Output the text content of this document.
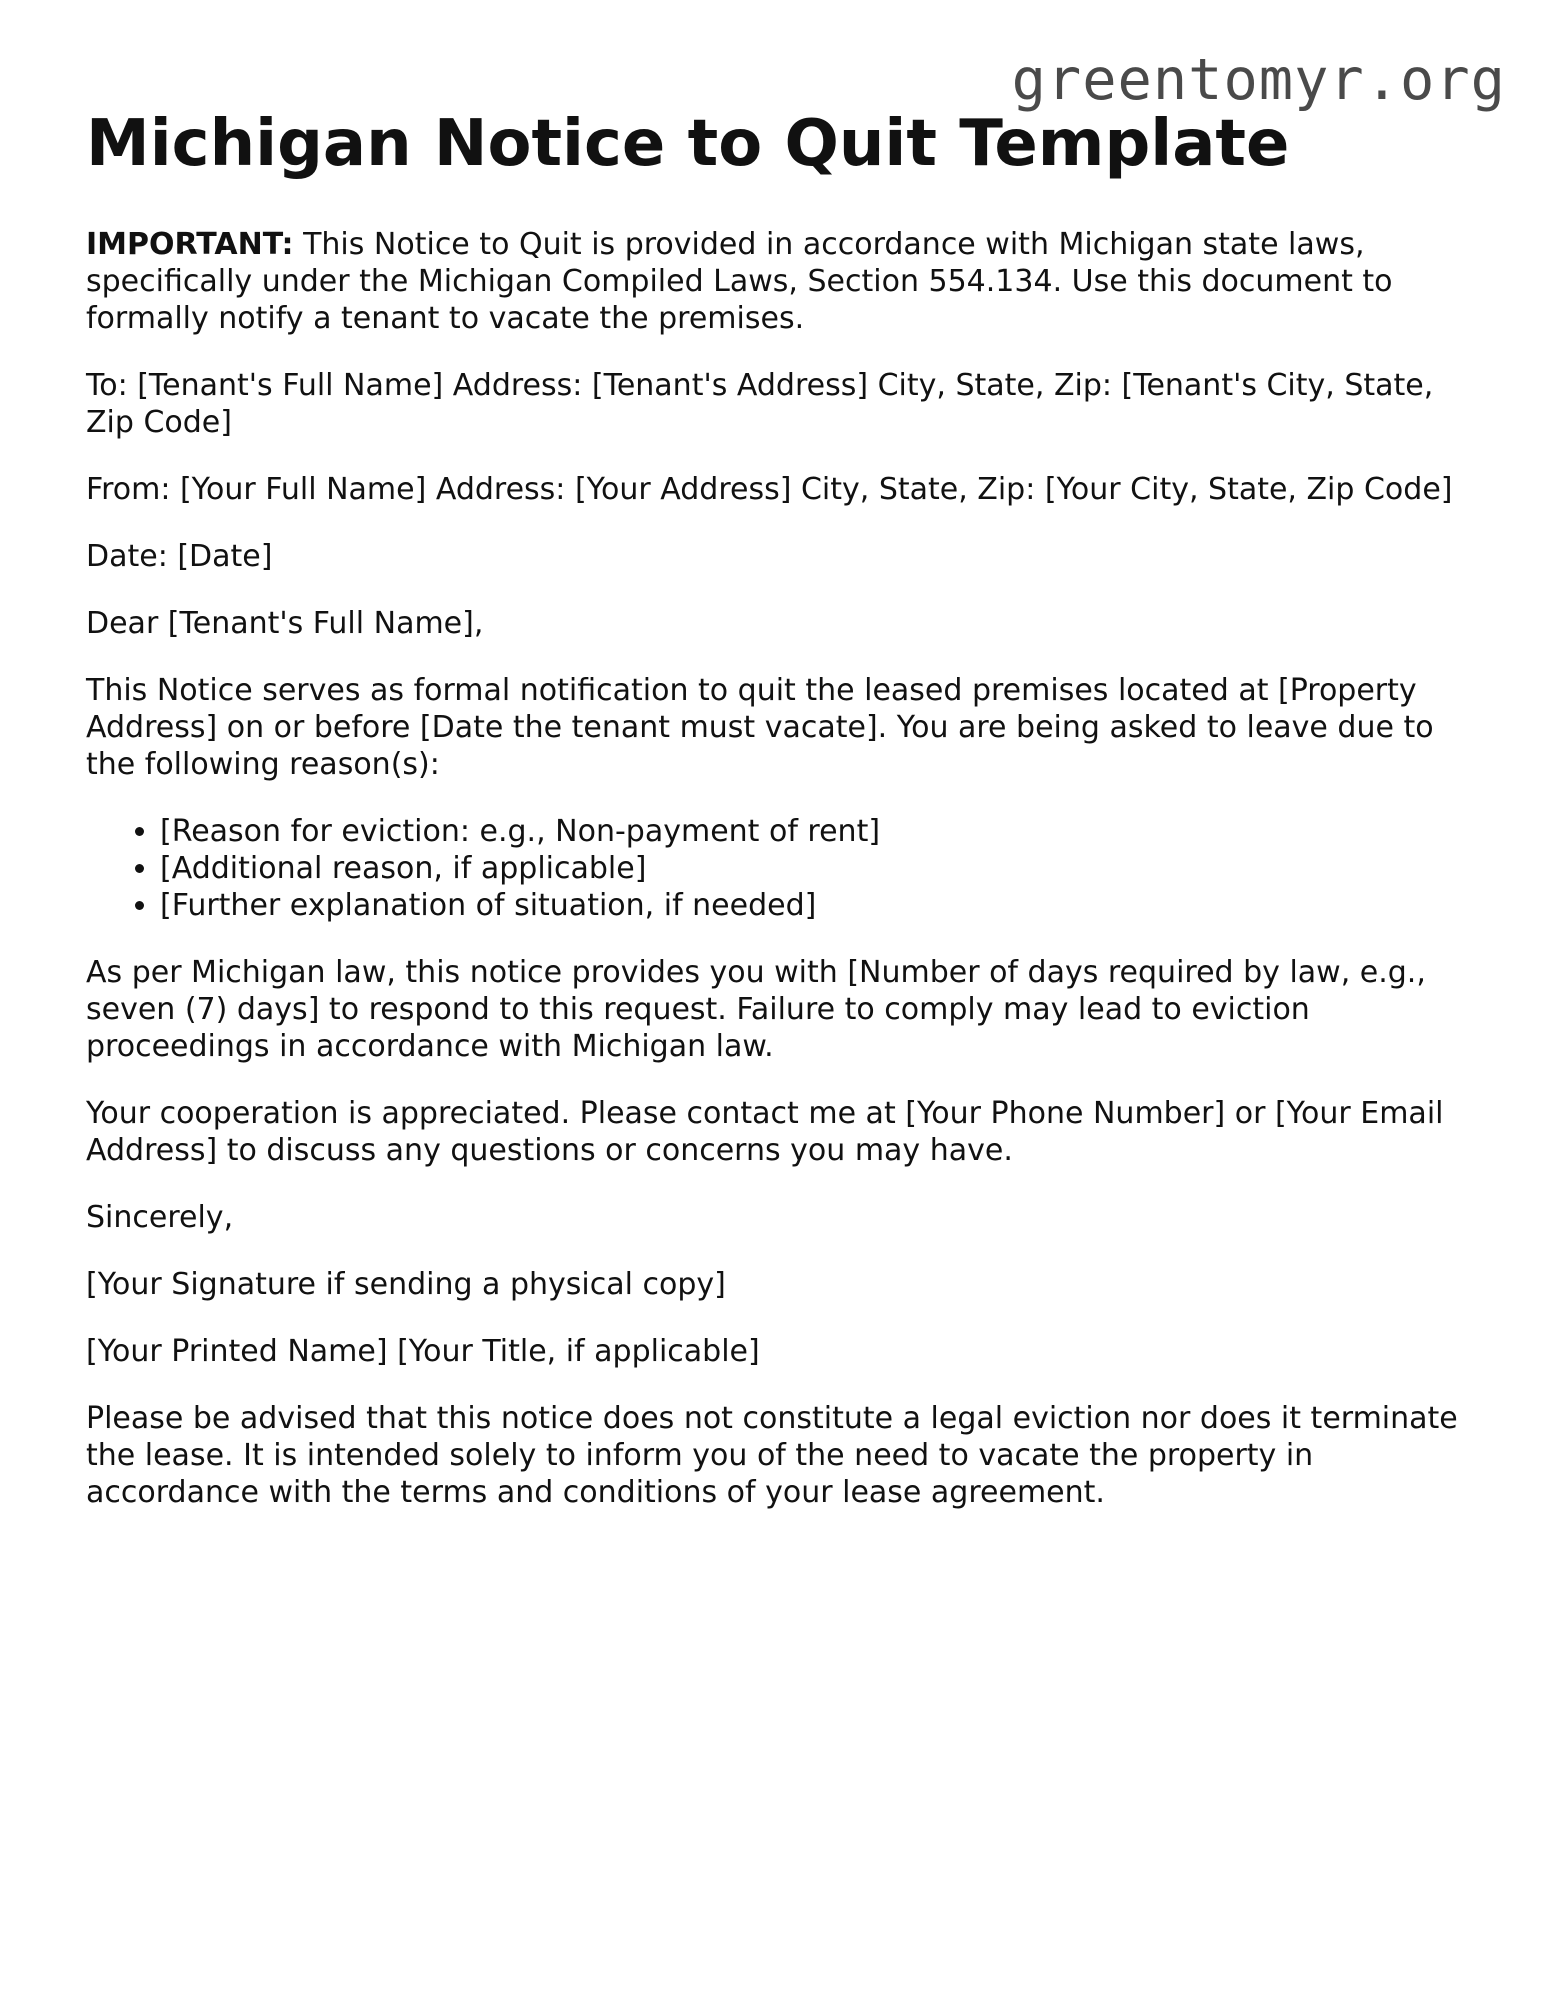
greentomyr.org
Michigan Notice to Quit Template

IMPORTANT: This Notice to Quit is provided in accordance with Michigan state laws, specifically under the Michigan Compiled Laws, Section 554.134. Use this document to formally notify a tenant to vacate the premises.

To: [Tenant's Full Name] Address: [Tenant's Address] City, State, Zip: [Tenant's City, State, Zip Code]

From: [Your Full Name] Address: [Your Address] City, State, Zip: [Your City, State, Zip Code]

Date: [Date]

Dear [Tenant's Full Name],

This Notice serves as formal notification to quit the leased premises located at [Property Address] on or before [Date the tenant must vacate]. You are being asked to leave due to the following reason(s):

• [Reason for eviction: e.g., Non-payment of rent]
• [Additional reason, if applicable]
• [Further explanation of situation, if needed]

As per Michigan law, this notice provides you with [Number of days required by law, e.g., seven (7) days] to respond to this request. Failure to comply may lead to eviction proceedings in accordance with Michigan law.

Your cooperation is appreciated. Please contact me at [Your Phone Number] or [Your Email Address] to discuss any questions or concerns you may have.

Sincerely,

[Your Signature if sending a physical copy]

[Your Printed Name] [Your Title, if applicable]

Please be advised that this notice does not constitute a legal eviction nor does it terminate the lease. It is intended solely to inform you of the need to vacate the property in accordance with the terms and conditions of your lease agreement.
